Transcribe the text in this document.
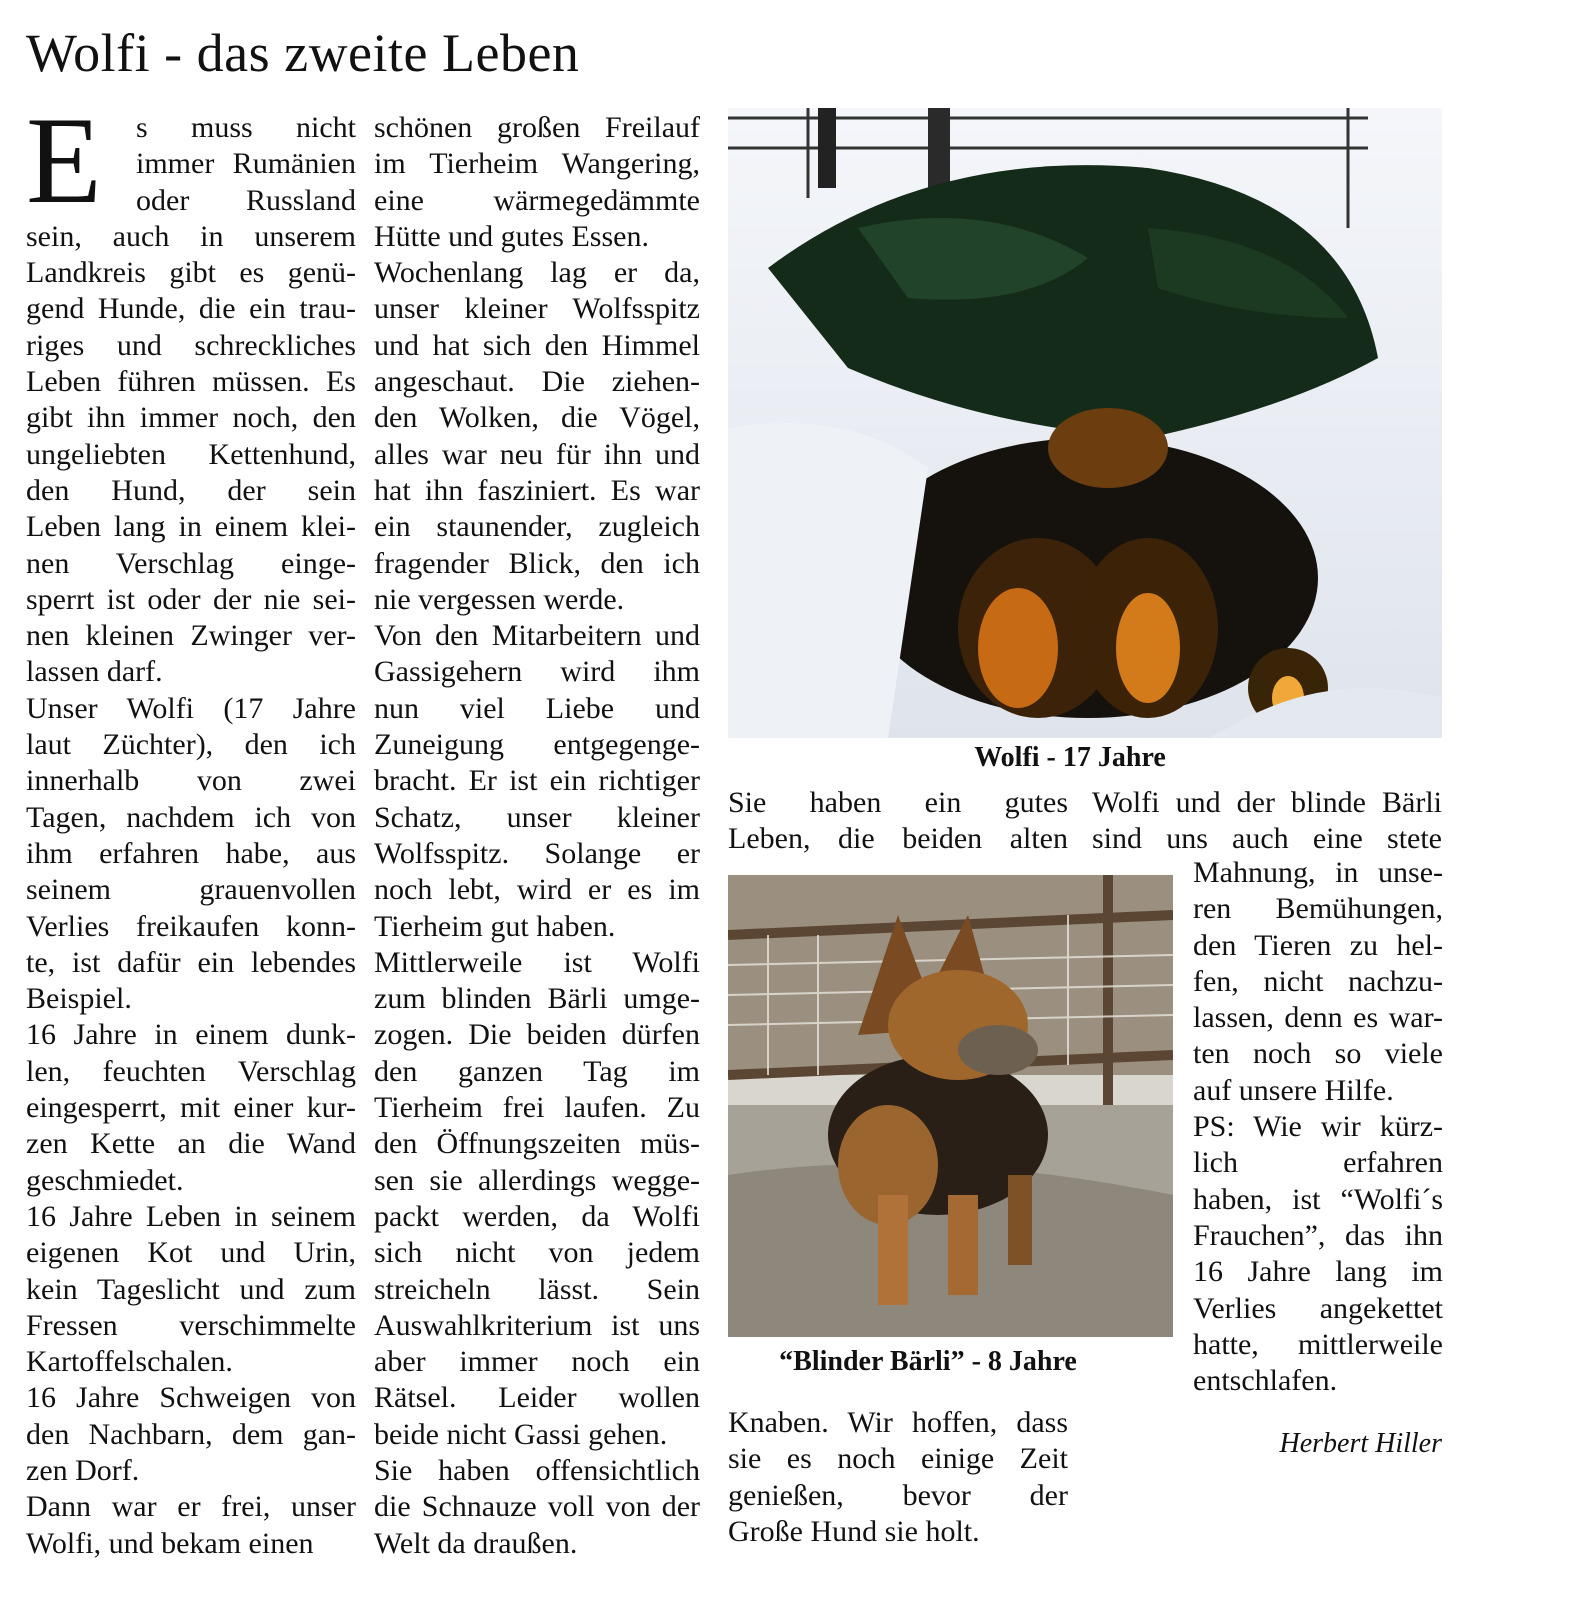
Wolfi - das zweite Leben
E	s muss nicht
immer Rumänien
oder Russland
sein, auch in unserem
Landkreis gibt es genü-
gend Hunde, die ein trau-
riges und schreckliches
Leben führen müssen. Es
gibt ihn immer noch, den
ungeliebten Kettenhund,
den Hund, der sein
Leben lang in einem klei-
nen Verschlag einge-
sperrt ist oder der nie sei-
nen kleinen Zwinger ver-
lassen darf.
Unser Wolfi (17 Jahre
laut Züchter), den ich
innerhalb von zwei
Tagen, nachdem ich von
ihm erfahren habe, aus
seinem grauenvollen
Verlies freikaufen konn-
te, ist dafür ein lebendes
Beispiel.
16 Jahre in einem dunk-
len, feuchten Verschlag
eingesperrt, mit einer kur-
zen Kette an die Wand
geschmiedet.
16 Jahre Leben in seinem
eigenen Kot und Urin,
kein Tageslicht und zum
Fressen verschimmelte
Kartoffelschalen.
16 Jahre Schweigen von
den Nachbarn, dem gan-
zen Dorf.
Dann war er frei, unser
Wolfi, und bekam einen
schönen großen Freilauf
im Tierheim Wangering,
eine wärmegedämmte
Hütte und gutes Essen.
Wochenlang lag er da,
unser kleiner Wolfsspitz
und hat sich den Himmel
angeschaut. Die ziehen-
den Wolken, die Vögel,
alles war neu für ihn und
hat ihn fasziniert. Es war
ein staunender, zugleich
fragender Blick, den ich
nie vergessen werde.
Von den Mitarbeitern und
Gassigehern wird ihm
nun viel Liebe und
Zuneigung entgegenge-
bracht. Er ist ein richtiger
Schatz, unser kleiner
Wolfsspitz. Solange er
noch lebt, wird er es im
Tierheim gut haben.
Mittlerweile ist Wolfi
zum blinden Bärli umge-
zogen. Die beiden dürfen
den ganzen Tag im
Tierheim frei laufen. Zu
den Öffnungszeiten müs-
sen sie allerdings wegge-
packt werden, da Wolfi
sich nicht von jedem
streicheln lässt. Sein
Auswahlkriterium ist uns
aber immer noch ein
Rätsel. Leider wollen
beide nicht Gassi gehen.
Sie haben offensichtlich
die Schnauze voll von der
Welt da draußen.
Wolfi - 17 Jahre
Sie haben ein gutes
Leben, die beiden alten
“Blinder Bärli” - 8 Jahre
Knaben. Wir hoffen, dass
sie es noch einige Zeit
genießen, bevor der
Große Hund sie holt.
Wolfi und der blinde Bärli
sind uns auch eine stete
Mahnung, in unse-
ren Bemühungen,
den Tieren zu hel-
fen, nicht nachzu-
lassen, denn es war-
ten noch so viele
auf unsere Hilfe.
PS: Wie wir kürz-
lich erfahren
haben, ist “Wolfi´s
Frauchen”, das ihn
16 Jahre lang im
Verlies angekettet
hatte, mittlerweile
entschlafen.
Herbert Hiller
